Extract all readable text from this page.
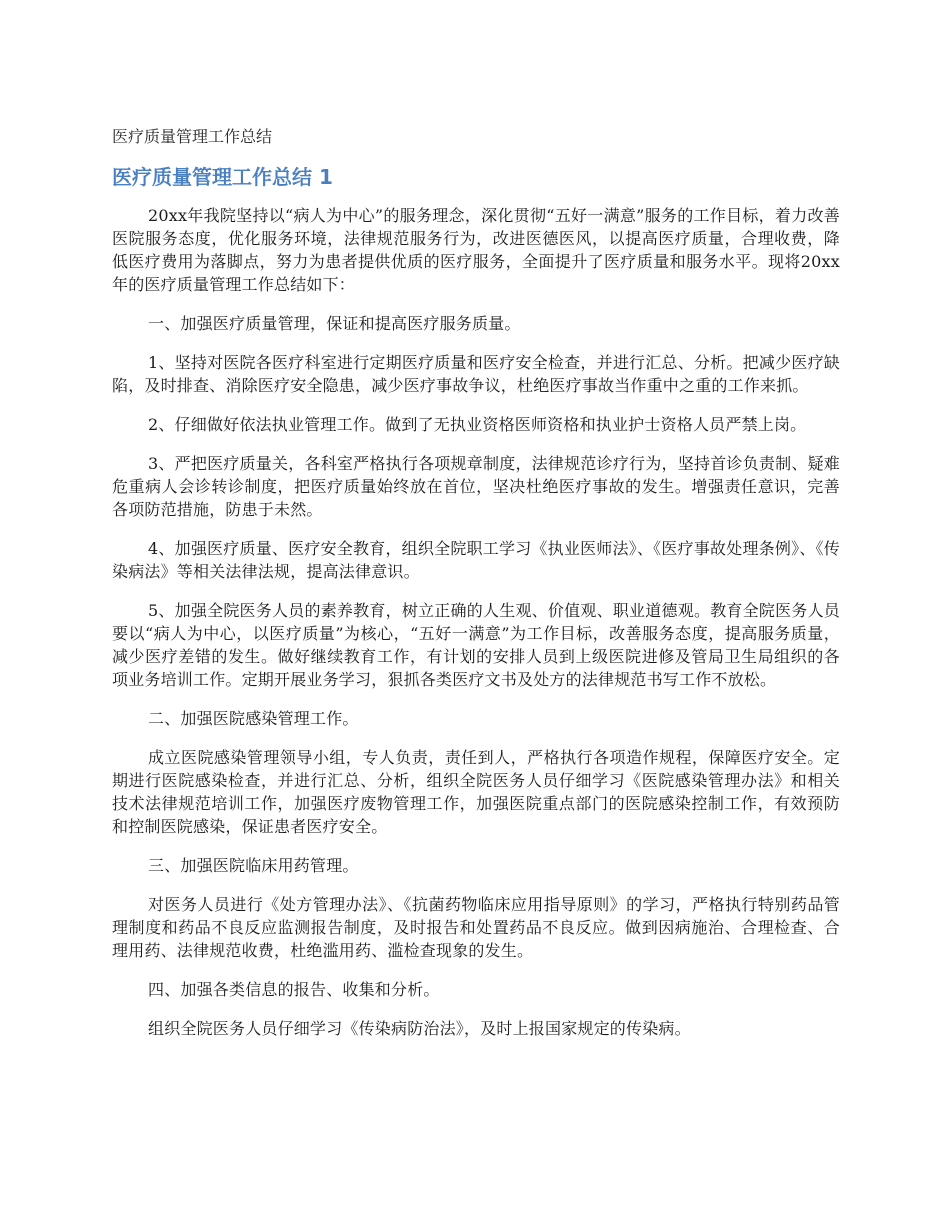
医疗质量管理工作总结
医疗质量管理工作总结 1

20xx年我院坚持以“病人为中心”的服务理念，深化贯彻“五好一满意”服务的工作目标，着力改善医院服务态度，优化服务环境，法律规范服务行为，改进医德医风，以提高医疗质量，合理收费，降低医疗费用为落脚点，努力为患者提供优质的医疗服务，全面提升了医疗质量和服务水平。现将20xx年的医疗质量管理工作总结如下：

一、加强医疗质量管理，保证和提高医疗服务质量。

1、坚持对医院各医疗科室进行定期医疗质量和医疗安全检查，并进行汇总、分析。把减少医疗缺陷，及时排查、消除医疗安全隐患，减少医疗事故争议，杜绝医疗事故当作重中之重的工作来抓。

2、仔细做好依法执业管理工作。做到了无执业资格医师资格和执业护士资格人员严禁上岗。

3、严把医疗质量关，各科室严格执行各项规章制度，法律规范诊疗行为，坚持首诊负责制、疑难危重病人会诊转诊制度，把医疗质量始终放在首位，坚决杜绝医疗事故的发生。增强责任意识，完善各项防范措施，防患于未然。

4、加强医疗质量、医疗安全教育，组织全院职工学习《执业医师法》、《医疗事故处理条例》、《传染病法》等相关法律法规，提高法律意识。

5、加强全院医务人员的素养教育，树立正确的人生观、价值观、职业道德观。教育全院医务人员要以“病人为中心，以医疗质量”为核心，“五好一满意”为工作目标，改善服务态度，提高服务质量，减少医疗差错的发生。做好继续教育工作，有计划的安排人员到上级医院进修及管局卫生局组织的各项业务培训工作。定期开展业务学习，狠抓各类医疗文书及处方的法律规范书写工作不放松。

二、加强医院感染管理工作。

成立医院感染管理领导小组，专人负责，责任到人，严格执行各项造作规程，保障医疗安全。定期进行医院感染检查，并进行汇总、分析，组织全院医务人员仔细学习《医院感染管理办法》和相关技术法律规范培训工作，加强医疗废物管理工作，加强医院重点部门的医院感染控制工作，有效预防和控制医院感染，保证患者医疗安全。

三、加强医院临床用药管理。

对医务人员进行《处方管理办法》、《抗菌药物临床应用指导原则》的学习，严格执行特别药品管理制度和药品不良反应监测报告制度，及时报告和处置药品不良反应。做到因病施治、合理检查、合理用药、法律规范收费，杜绝滥用药、滥检查现象的发生。

四、加强各类信息的报告、收集和分析。

组织全院医务人员仔细学习《传染病防治法》，及时上报国家规定的传染病。
